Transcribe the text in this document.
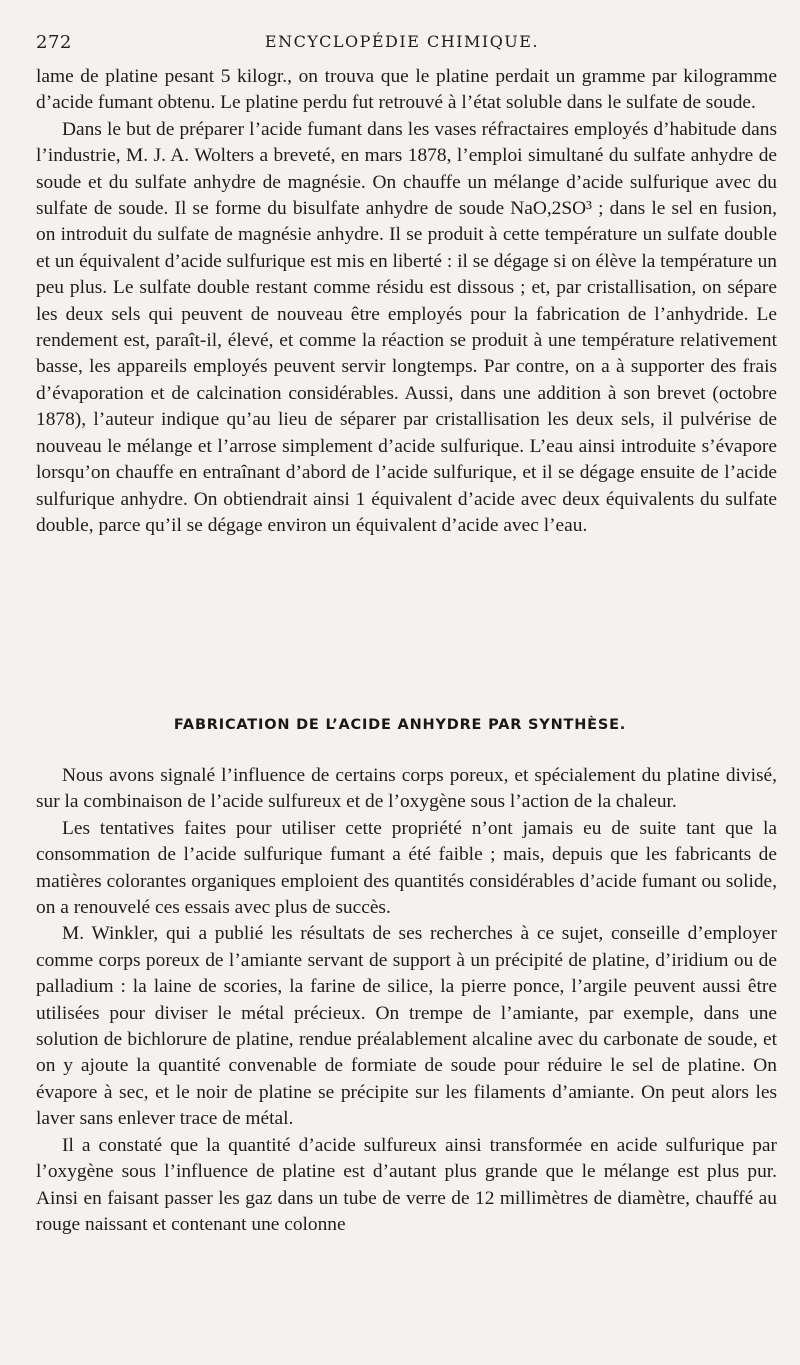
272	ENCYCLOPÉDIE CHIMIQUE.

lame de platine pesant 5 kilogr., on trouva que le platine perdait un gramme par kilogramme d’acide fumant obtenu. Le platine perdu fut retrouvé à l’état soluble dans le sulfate de soude.

Dans le but de préparer l’acide fumant dans les vases réfractaires employés d’habitude dans l’industrie, M. J. A. Wolters a breveté, en mars 1878, l’emploi simultané du sulfate anhydre de soude et du sulfate anhydre de magnésie. On chauffe un mélange d’acide sulfurique avec du sulfate de soude. Il se forme du bisulfate anhydre de soude NaO,2SO³ ; dans le sel en fusion, on introduit du sulfate de magnésie anhydre. Il se produit à cette température un sulfate double et un équivalent d’acide sulfurique est mis en liberté : il se dégage si on élève la température un peu plus. Le sulfate double restant comme résidu est dissous ; et, par cristallisation, on sépare les deux sels qui peuvent de nouveau être employés pour la fabrication de l’anhydride. Le rendement est, paraît-il, élevé, et comme la réaction se produit à une température relativement basse, les appareils employés peuvent servir longtemps. Par contre, on a à supporter des frais d’évaporation et de calcination considérables. Aussi, dans une addition à son brevet (octobre 1878), l’auteur indique qu’au lieu de séparer par cristallisation les deux sels, il pulvérise de nouveau le mélange et l’arrose simplement d’acide sulfurique. L’eau ainsi introduite s’évapore lorsqu’on chauffe en entraînant d’abord de l’acide sulfurique, et il se dégage ensuite de l’acide sulfurique anhydre. On obtiendrait ainsi 1 équivalent d’acide avec deux équivalents du sulfate double, parce qu’il se dégage environ un équivalent d’acide avec l’eau.

FABRICATION DE L’ACIDE ANHYDRE PAR SYNTHÈSE.

Nous avons signalé l’influence de certains corps poreux, et spécialement du platine divisé, sur la combinaison de l’acide sulfureux et de l’oxygène sous l’action de la chaleur.

Les tentatives faites pour utiliser cette propriété n’ont jamais eu de suite tant que la consommation de l’acide sulfurique fumant a été faible ; mais, depuis que les fabricants de matières colorantes organiques emploient des quantités considérables d’acide fumant ou solide, on a renouvelé ces essais avec plus de succès.

M. Winkler, qui a publié les résultats de ses recherches à ce sujet, conseille d’employer comme corps poreux de l’amiante servant de support à un précipité de platine, d’iridium ou de palladium : la laine de scories, la farine de silice, la pierre ponce, l’argile peuvent aussi être utilisées pour diviser le métal précieux. On trempe de l’amiante, par exemple, dans une solution de bichlorure de platine, rendue préalablement alcaline avec du carbonate de soude, et on y ajoute la quantité convenable de formiate de soude pour réduire le sel de platine. On évapore à sec, et le noir de platine se précipite sur les filaments d’amiante. On peut alors les laver sans enlever trace de métal.

Il a constaté que la quantité d’acide sulfureux ainsi transformée en acide sulfurique par l’oxygène sous l’influence de platine est d’autant plus grande que le mélange est plus pur. Ainsi en faisant passer les gaz dans un tube de verre de 12 millimètres de diamètre, chauffé au rouge naissant et contenant une colonne
